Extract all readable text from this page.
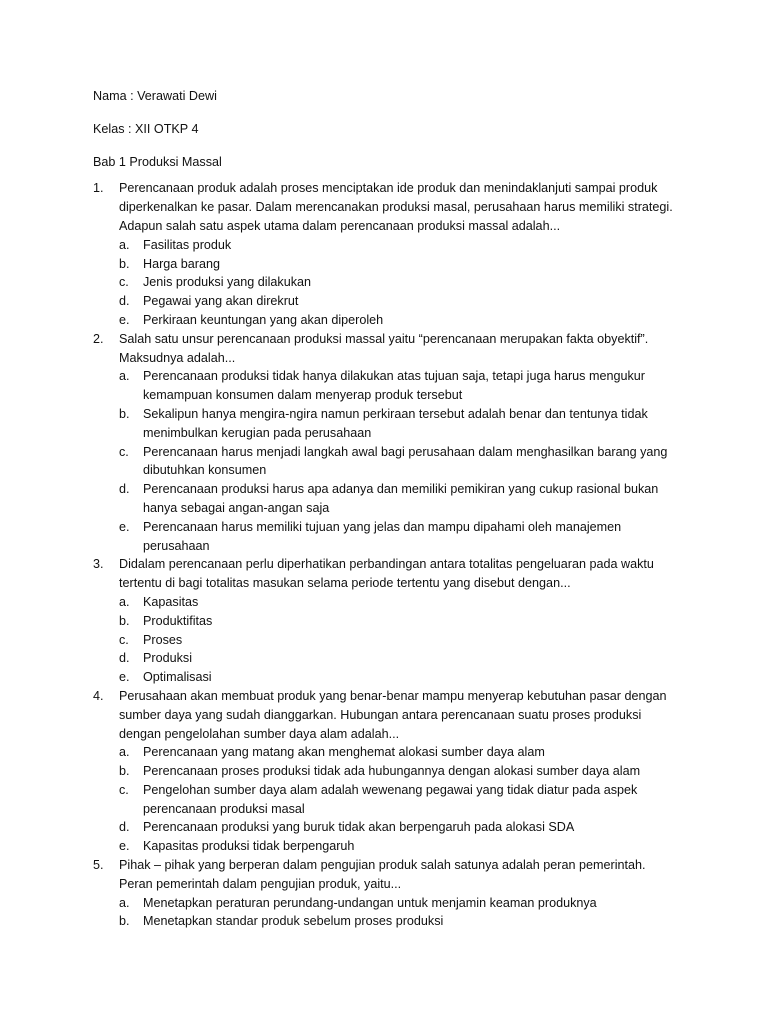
Nama : Verawati Dewi

Kelas : XII OTKP 4

Bab 1 Produksi Massal

1.	Perencanaan produk adalah proses menciptakan ide produk dan menindaklanjuti sampai produk diperkenalkan ke pasar. Dalam merencanakan produksi masal, perusahaan harus memiliki strategi. Adapun salah satu aspek utama dalam perencanaan produksi massal adalah...

a.	Fasilitas produk
b.	Harga barang
c.	Jenis produksi yang dilakukan
d.	Pegawai yang akan direkrut
e.	Perkiraan keuntungan yang akan diperoleh
2.	Salah satu unsur perencanaan produksi massal yaitu “perencanaan merupakan fakta obyektif”. Maksudnya adalah...

a.	Perencanaan produksi tidak hanya dilakukan atas tujuan saja, tetapi juga harus mengukur kemampuan konsumen dalam menyerap produk tersebut
b.	Sekalipun hanya mengira-ngira namun perkiraan tersebut adalah benar dan tentunya tidak menimbulkan kerugian pada perusahaan
c.	Perencanaan harus menjadi langkah awal bagi perusahaan dalam menghasilkan barang yang dibutuhkan konsumen
d.	Perencanaan produksi harus apa adanya dan memiliki pemikiran yang cukup rasional bukan hanya sebagai angan-angan saja
e.	Perencanaan harus memiliki tujuan yang jelas dan mampu dipahami oleh manajemen perusahaan
3.	Didalam perencanaan perlu diperhatikan perbandingan antara totalitas pengeluaran pada waktu tertentu di bagi totalitas masukan selama periode tertentu yang disebut dengan...

a.	Kapasitas
b.	Produktifitas
c.	Proses
d.	Produksi
e.	Optimalisasi
4.	Perusahaan akan membuat produk yang benar-benar mampu menyerap kebutuhan pasar dengan sumber daya yang sudah dianggarkan. Hubungan antara perencanaan suatu proses produksi dengan pengelolahan sumber daya alam adalah...

a.	Perencanaan yang matang akan menghemat alokasi sumber daya alam
b.	Perencanaan proses produksi tidak ada hubungannya dengan alokasi sumber daya alam
c.	Pengelohan sumber daya alam adalah wewenang pegawai yang tidak diatur pada aspek perencanaan produksi masal
d.	Perencanaan produksi yang buruk tidak akan berpengaruh pada alokasi SDA
e.	Kapasitas produksi tidak berpengaruh
5.	Pihak – pihak yang berperan dalam pengujian produk salah satunya adalah peran pemerintah. Peran pemerintah dalam pengujian produk, yaitu...

a.	Menetapkan peraturan perundang-undangan untuk menjamin keaman produknya
b.	Menetapkan standar produk sebelum proses produksi
